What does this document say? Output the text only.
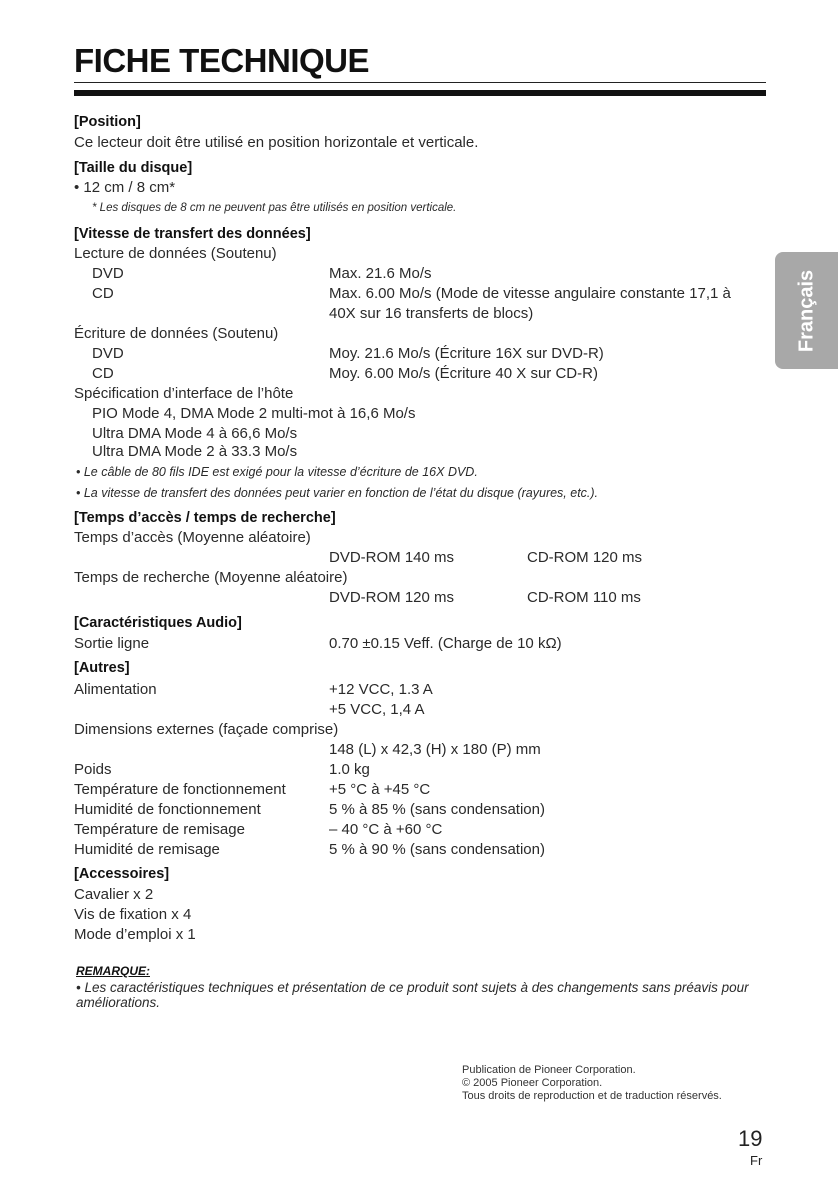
FICHE TECHNIQUE
Français
[Position]
Ce lecteur doit être utilisé en position horizontale et verticale.
[Taille du disque]
• 12 cm / 8 cm*
* Les disques de 8 cm ne peuvent pas être utilisés en position verticale.
[Vitesse de transfert des données]
Lecture de données (Soutenu)
DVD	Max. 21.6 Mo/s
CD	Max. 6.00 Mo/s (Mode de vitesse angulaire constante 17,1 à
40X sur 16 transferts de blocs)
Écriture de données (Soutenu)
DVD	Moy. 21.6 Mo/s (Écriture 16X sur DVD-R)
CD	Moy. 6.00 Mo/s (Écriture 40 X sur CD-R)
Spécification d’interface de l’hôte
PIO Mode 4, DMA Mode 2 multi-mot à 16,6 Mo/s
Ultra DMA Mode 4 à 66,6 Mo/s
Ultra DMA Mode 2 à 33.3 Mo/s
• Le câble de 80 fils IDE est exigé pour la vitesse d’écriture de 16X DVD.
• La vitesse de transfert des données peut varier en fonction de l’état du disque (rayures, etc.).
[Temps d’accès / temps de recherche]
Temps d’accès (Moyenne aléatoire)
DVD-ROM 140 ms	CD-ROM 120 ms
Temps de recherche (Moyenne aléatoire)
DVD-ROM 120 ms	CD-ROM 110 ms
[Caractéristiques Audio]
Sortie ligne	0.70 ±0.15 Veff. (Charge de 10 kΩ)
[Autres]
Alimentation	+12 VCC, 1.3 A
+5 VCC, 1,4 A
Dimensions externes (façade comprise)
148 (L) x 42,3 (H) x 180 (P) mm
Poids	1.0 kg
Température de fonctionnement	+5 °C à +45 °C
Humidité de fonctionnement	5 % à 85 % (sans condensation)
Température de remisage	– 40 °C à +60 °C
Humidité de remisage	5 % à 90 % (sans condensation)
[Accessoires]
Cavalier x 2
Vis de fixation x 4
Mode d’emploi x 1
REMARQUE:
• Les caractéristiques techniques et présentation de ce produit sont sujets à des changements sans préavis pour améliorations.
Publication de Pioneer Corporation.
© 2005 Pioneer Corporation.
Tous droits de reproduction et de traduction réservés.
19
Fr
